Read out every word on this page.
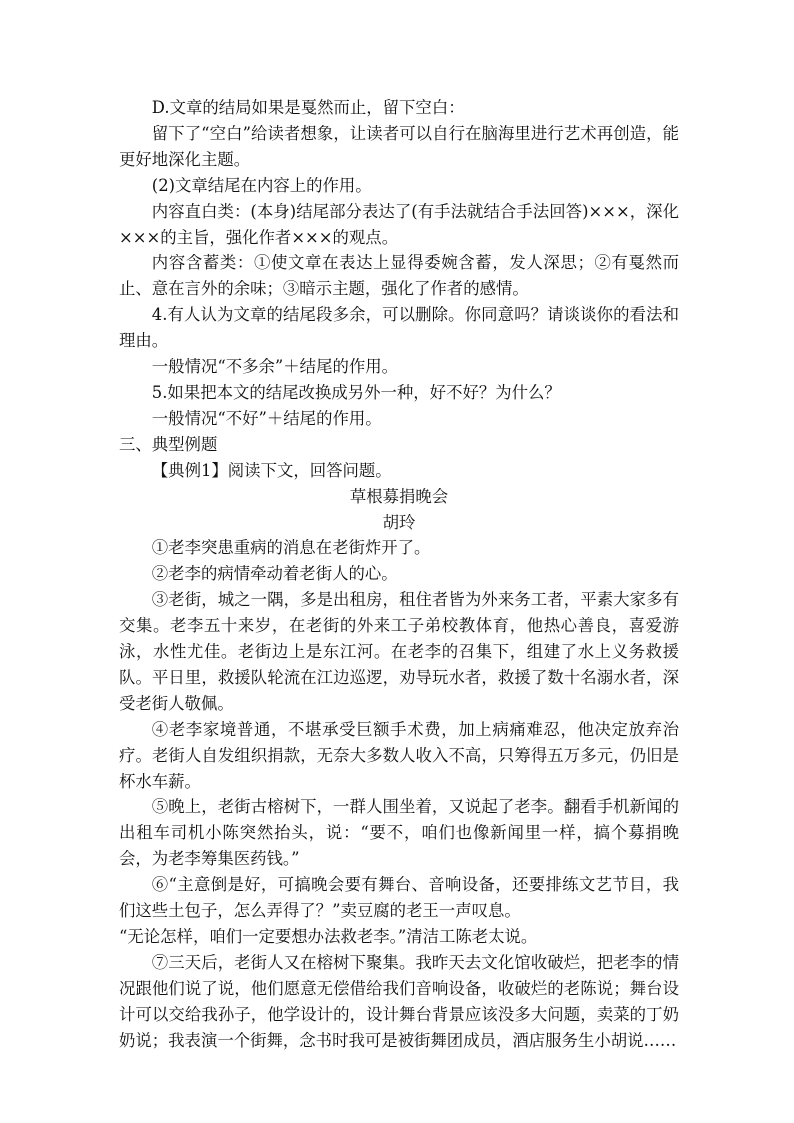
D.文章的结局如果是戛然而止，留下空白：

留下了“空白”给读者想象，让读者可以自行在脑海里进行艺术再创造，能更好地深化主题。

(2)文章结尾在内容上的作用。

内容直白类：(本身)结尾部分表达了(有手法就结合手法回答)×××，深化×××的主旨，强化作者×××的观点。

内容含蓄类：①使文章在表达上显得委婉含蓄，发人深思；②有戛然而止、意在言外的余味；③暗示主题，强化了作者的感情。

4.有人认为文章的结尾段多余，可以删除。你同意吗？请谈谈你的看法和理由。

一般情况“不多余”＋结尾的作用。

5.如果把本文的结尾改换成另外一种，好不好？为什么？

一般情况“不好”＋结尾的作用。

三、典型例题

【典例1】阅读下文，回答问题。

草根募捐晚会

胡玲

①老李突患重病的消息在老街炸开了。

②老李的病情牵动着老街人的心。

③老街，城之一隅，多是出租房，租住者皆为外来务工者，平素大家多有交集。老李五十来岁，在老街的外来工子弟校教体育，他热心善良，喜爱游泳，水性尤佳。老街边上是东江河。在老李的召集下，组建了水上义务救援队。平日里，救援队轮流在江边巡逻，劝导玩水者，救援了数十名溺水者，深受老街人敬佩。

④老李家境普通，不堪承受巨额手术费，加上病痛难忍，他决定放弃治疗。老街人自发组织捐款，无奈大多数人收入不高，只筹得五万多元，仍旧是杯水车薪。

⑤晚上，老街古榕树下，一群人围坐着，又说起了老李。翻看手机新闻的出租车司机小陈突然抬头，说：“要不，咱们也像新闻里一样，搞个募捐晚会，为老李筹集医药钱。”

⑥“主意倒是好，可搞晚会要有舞台、音响设备，还要排练文艺节目，我们这些土包子，怎么弄得了？”卖豆腐的老王一声叹息。

“无论怎样，咱们一定要想办法救老李。”清洁工陈老太说。

⑦三天后，老街人又在榕树下聚集。我昨天去文化馆收破烂，把老李的情况跟他们说了说，他们愿意无偿借给我们音响设备，收破烂的老陈说；舞台设计可以交给我孙子，他学设计的，设计舞台背景应该没多大问题，卖菜的丁奶奶说；我表演一个街舞，念书时我可是被街舞团成员，酒店服务生小胡说……
